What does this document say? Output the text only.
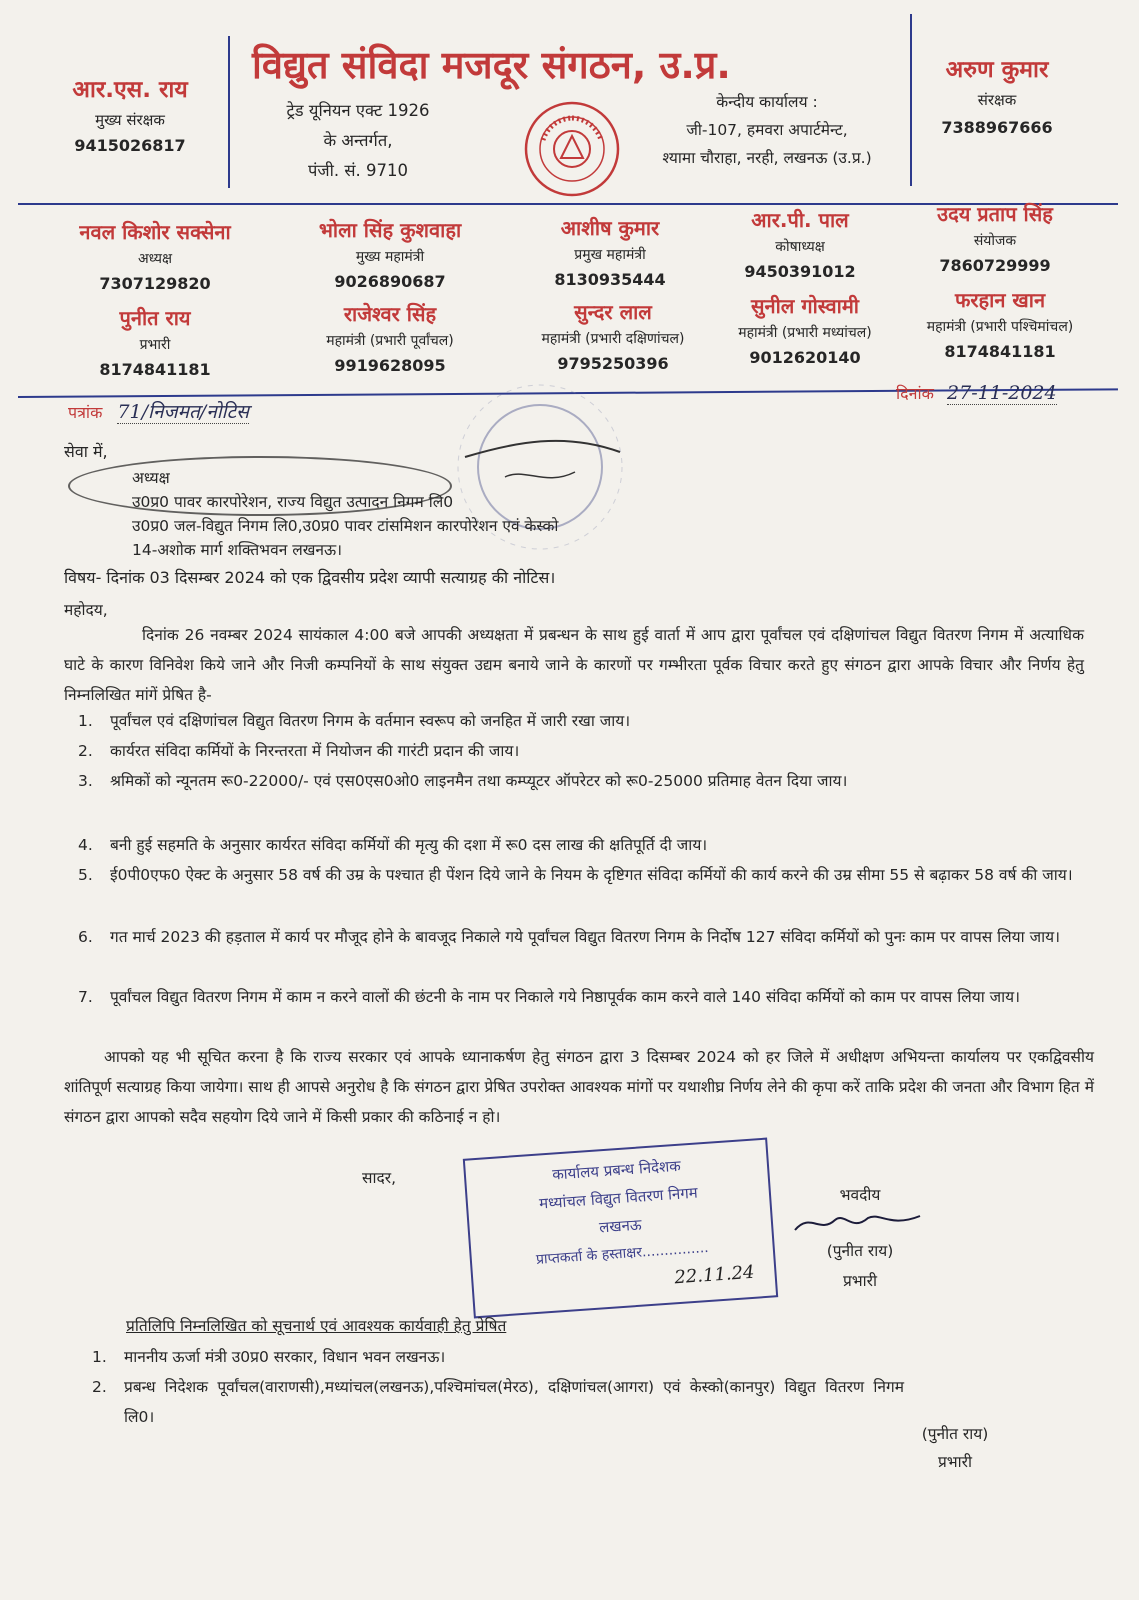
आर.एस. राय
मुख्य संरक्षक
9415026817
विद्युत संविदा मजदूर संगठन, उ.प्र.
ट्रेड यूनियन एक्ट 1926
के अन्तर्गत,
पंजी. सं. 9710
केन्दीय कार्यालय :
जी-107, हमवरा अपार्टमेन्ट,
श्यामा चौराहा, नरही, लखनऊ (उ.प्र.)
अरुण कुमार
संरक्षक
7388967666
नवल किशोर सक्सेना
अध्यक्ष
7307129820
भोला सिंह कुशवाहा
मुख्य महामंत्री
9026890687
आशीष कुमार
प्रमुख महामंत्री
8130935444
आर.पी. पाल
कोषाध्यक्ष
9450391012
उदय प्रताप सिंह
संयोजक
7860729999
पुनीत राय
प्रभारी
8174841181
राजेश्वर सिंह
महामंत्री (प्रभारी पूर्वांचल)
9919628095
सुन्दर लाल
महामंत्री (प्रभारी दक्षिणांचल)
9795250396
सुनील गोस्वामी
महामंत्री (प्रभारी मध्यांचल)
9012620140
फरहान खान
महामंत्री (प्रभारी पश्चिमांचल)
8174841181
पत्रांक 71/निजमत/नोटिस
दिनांक 27-11-2024
सेवा में,
अध्यक्ष
उ0प्र0 पावर कारपोरेशन, राज्य विद्युत उत्पादन निगम लि0
उ0प्र0 जल-विद्युत निगम लि0,उ0प्र0 पावर टांसमिशन कारपोरेशन एवं केस्को
14-अशोक मार्ग शक्तिभवन लखनऊ।
विषय- दिनांक 03 दिसम्बर 2024 को एक द्विवसीय प्रदेश व्यापी सत्याग्रह की नोटिस।
महोदय,
दिनांक 26 नवम्बर 2024 सायंकाल 4:00 बजे आपकी अध्यक्षता में प्रबन्धन के साथ हुई वार्ता में आप द्वारा पूर्वांचल एवं दक्षिणांचल विद्युत वितरण निगम में अत्याधिक घाटे के कारण विनिवेश किये जाने और निजी कम्पनियों के साथ संयुक्त उद्यम बनाये जाने के कारणों पर गम्भीरता पूर्वक विचार करते हुए संगठन द्वारा आपके विचार और निर्णय हेतु निम्नलिखित मांगें प्रेषित है-
1.	पूर्वांचल एवं दक्षिणांचल विद्युत वितरण निगम के वर्तमान स्वरूप को जनहित में जारी रखा जाय।
2.	कार्यरत संविदा कर्मियों के निरन्तरता में नियोजन की गारंटी प्रदान की जाय।
3.	श्रमिकों को न्यूनतम रू0-22000/- एवं एस0एस0ओ0 लाइनमैन तथा कम्प्यूटर ऑपरेटर को रू0-25000 प्रतिमाह वेतन दिया जाय।
4.	बनी हुई सहमति के अनुसार कार्यरत संविदा कर्मियों की मृत्यु की दशा में रू0 दस लाख की क्षतिपूर्ति दी जाय।
5.	ई0पी0एफ0 ऐक्ट के अनुसार 58 वर्ष की उम्र के पश्चात ही पेंशन दिये जाने के नियम के दृष्टिगत संविदा कर्मियों की कार्य करने की उम्र सीमा 55 से बढ़ाकर 58 वर्ष की जाय।
6.	गत मार्च 2023 की हड़ताल में कार्य पर मौजूद होने के बावजूद निकाले गये पूर्वांचल विद्युत वितरण निगम के निर्दोष 127 संविदा कर्मियों को पुनः काम पर वापस लिया जाय।
7.	पूर्वांचल विद्युत वितरण निगम में काम न करने वालों की छंटनी के नाम पर निकाले गये निष्ठापूर्वक काम करने वाले 140 संविदा कर्मियों को काम पर वापस लिया जाय।
आपको यह भी सूचित करना है कि राज्य सरकार एवं आपके ध्यानाकर्षण हेतु संगठन द्वारा 3 दिसम्बर 2024 को हर जिले में अधीक्षण अभियन्ता कार्यालय पर एकद्विवसीय शांतिपूर्ण सत्याग्रह किया जायेगा। साथ ही आपसे अनुरोध है कि संगठन द्वारा प्रेषित उपरोक्त आवश्यक मांगों पर यथाशीघ्र निर्णय लेने की कृपा करें ताकि प्रदेश की जनता और विभाग हित में संगठन द्वारा आपको सदैव सहयोग दिये जाने में किसी प्रकार की कठिनाई न हो।
सादर,	कार्यालय प्रबन्ध निदेशक
मध्यांचल विद्युत वितरण निगम
लखनऊ
प्राप्तकर्ता के हस्ताक्षर...............
22.11.24
भवदीय
(पुनीत राय)
प्रभारी
प्रतिलिपि निम्नलिखित को सूचनार्थ एवं आवश्यक कार्यवाही हेतु प्रेषित
1.	माननीय ऊर्जा मंत्री उ0प्र0 सरकार, विधान भवन लखनऊ।
2.	प्रबन्ध निदेशक पूर्वांचल(वाराणसी),मध्यांचल(लखनऊ),पश्चिमांचल(मेरठ), दक्षिणांचल(आगरा) एवं केस्को(कानपुर) विद्युत वितरण निगम लि0।
(पुनीत राय)
प्रभारी
